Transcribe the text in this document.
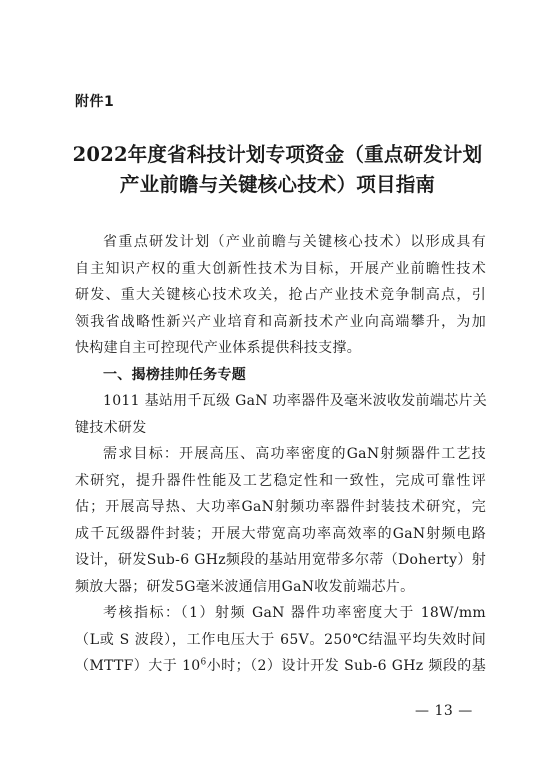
附件1
2022年度省科技计划专项资金（重点研发计划
产业前瞻与关键核心技术）项目指南
省重点研发计划（产业前瞻与关键核心技术）以形成具有
自主知识产权的重大创新性技术为目标，开展产业前瞻性技术
研发、重大关键核心技术攻关，抢占产业技术竞争制高点，引
领我省战略性新兴产业培育和高新技术产业向高端攀升，为加
快构建自主可控现代产业体系提供科技支撑。
一、揭榜挂帅任务专题
1011 基站用千瓦级 GaN 功率器件及毫米波收发前端芯片关
键技术研发
需求目标：开展高压、高功率密度的GaN射频器件工艺技
术研究，提升器件性能及工艺稳定性和一致性，完成可靠性评
估；开展高导热、大功率GaN射频功率器件封装技术研究，完
成千瓦级器件封装；开展大带宽高功率高效率的GaN射频电路
设计，研发Sub-6 GHz频段的基站用宽带多尔蒂（Doherty）射
频放大器；研发5G毫米波通信用GaN收发前端芯片。
考核指标：（1）射频 GaN 器件功率密度大于 18W/mm
（L或 S 波段），工作电压大于 65V。250℃结温平均失效时间
（MTTF）大于 $10^6$小时；（2）设计开发 Sub-6 GHz 频段的基
— 13 —
